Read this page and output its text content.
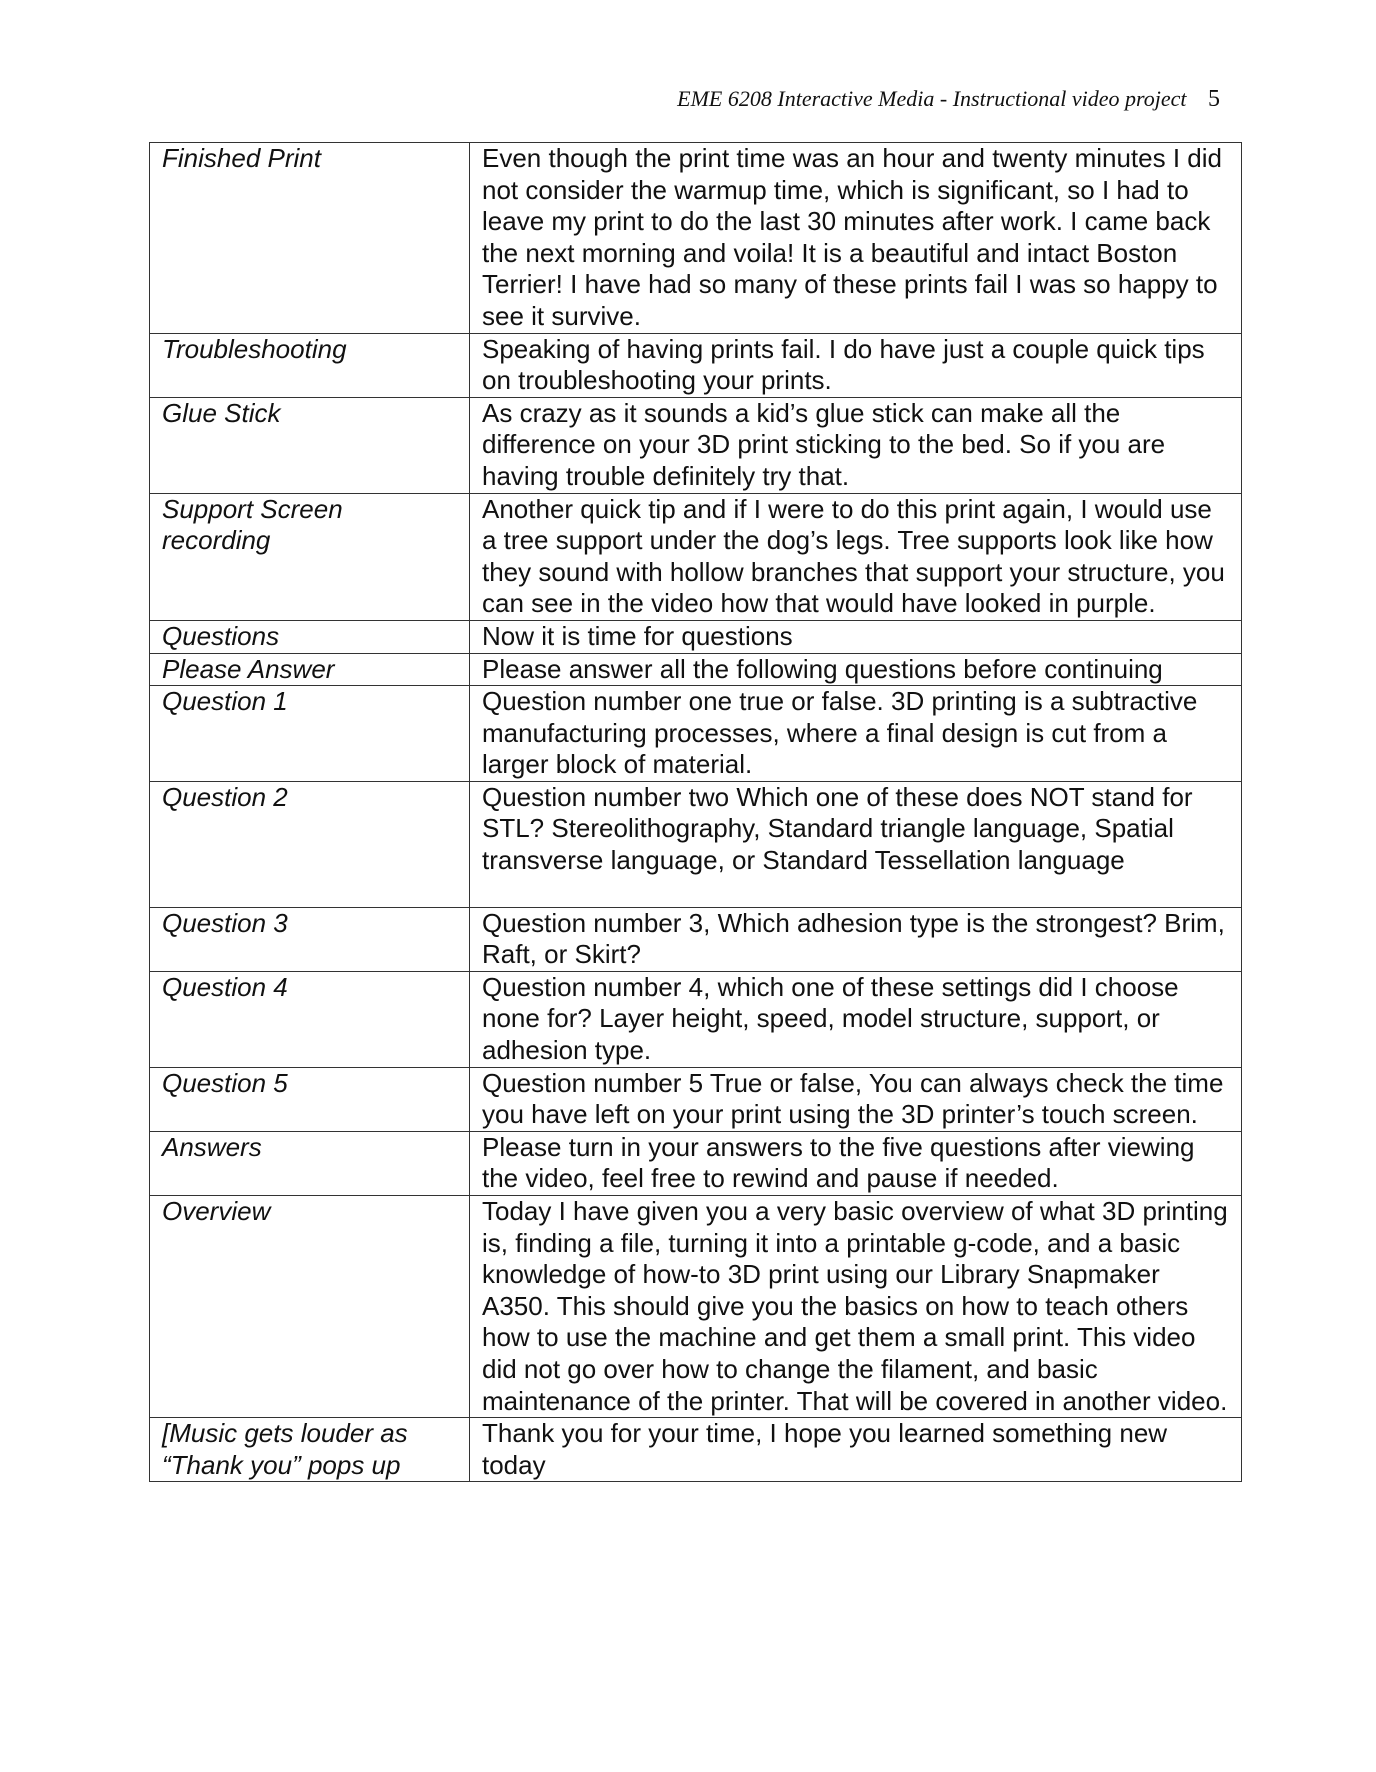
EME 6208 Interactive Media - Instructional video project 5
Finished Print	Even though the print time was an hour and twenty minutes I did not consider the warmup time, which is significant, so I had to leave my print to do the last 30 minutes after work. I came back the next morning and voila! It is a beautiful and intact Boston Terrier! I have had so many of these prints fail I was so happy to see it survive.
Troubleshooting	Speaking of having prints fail. I do have just a couple quick tips on troubleshooting your prints.
Glue Stick	As crazy as it sounds a kid’s glue stick can make all the difference on your 3D print sticking to the bed. So if you are having trouble definitely try that.
Support Screen recording	Another quick tip and if I were to do this print again, I would use a tree support under the dog’s legs. Tree supports look like how they sound with hollow branches that support your structure, you can see in the video how that would have looked in purple.
Questions	Now it is time for questions
Please Answer	Please answer all the following questions before continuing
Question 1	Question number one true or false. 3D printing is a subtractive manufacturing processes, where a final design is cut from a larger block of material.
Question 2	Question number two Which one of these does NOT stand for STL? Stereolithography, Standard triangle language, Spatial transverse language, or Standard Tessellation language
Question 3	Question number 3, Which adhesion type is the strongest? Brim, Raft, or Skirt?
Question 4	Question number 4, which one of these settings did I choose none for? Layer height, speed, model structure, support, or adhesion type.
Question 5	Question number 5 True or false, You can always check the time you have left on your print using the 3D printer’s touch screen.
Answers	Please turn in your answers to the five questions after viewing the video, feel free to rewind and pause if needed.
Overview	Today I have given you a very basic overview of what 3D printing is, finding a file, turning it into a printable g-code, and a basic knowledge of how-to 3D print using our Library Snapmaker A350. This should give you the basics on how to teach others how to use the machine and get them a small print. This video did not go over how to change the filament, and basic maintenance of the printer. That will be covered in another video.
[Music gets louder as “Thank you” pops up	Thank you for your time, I hope you learned something new today
